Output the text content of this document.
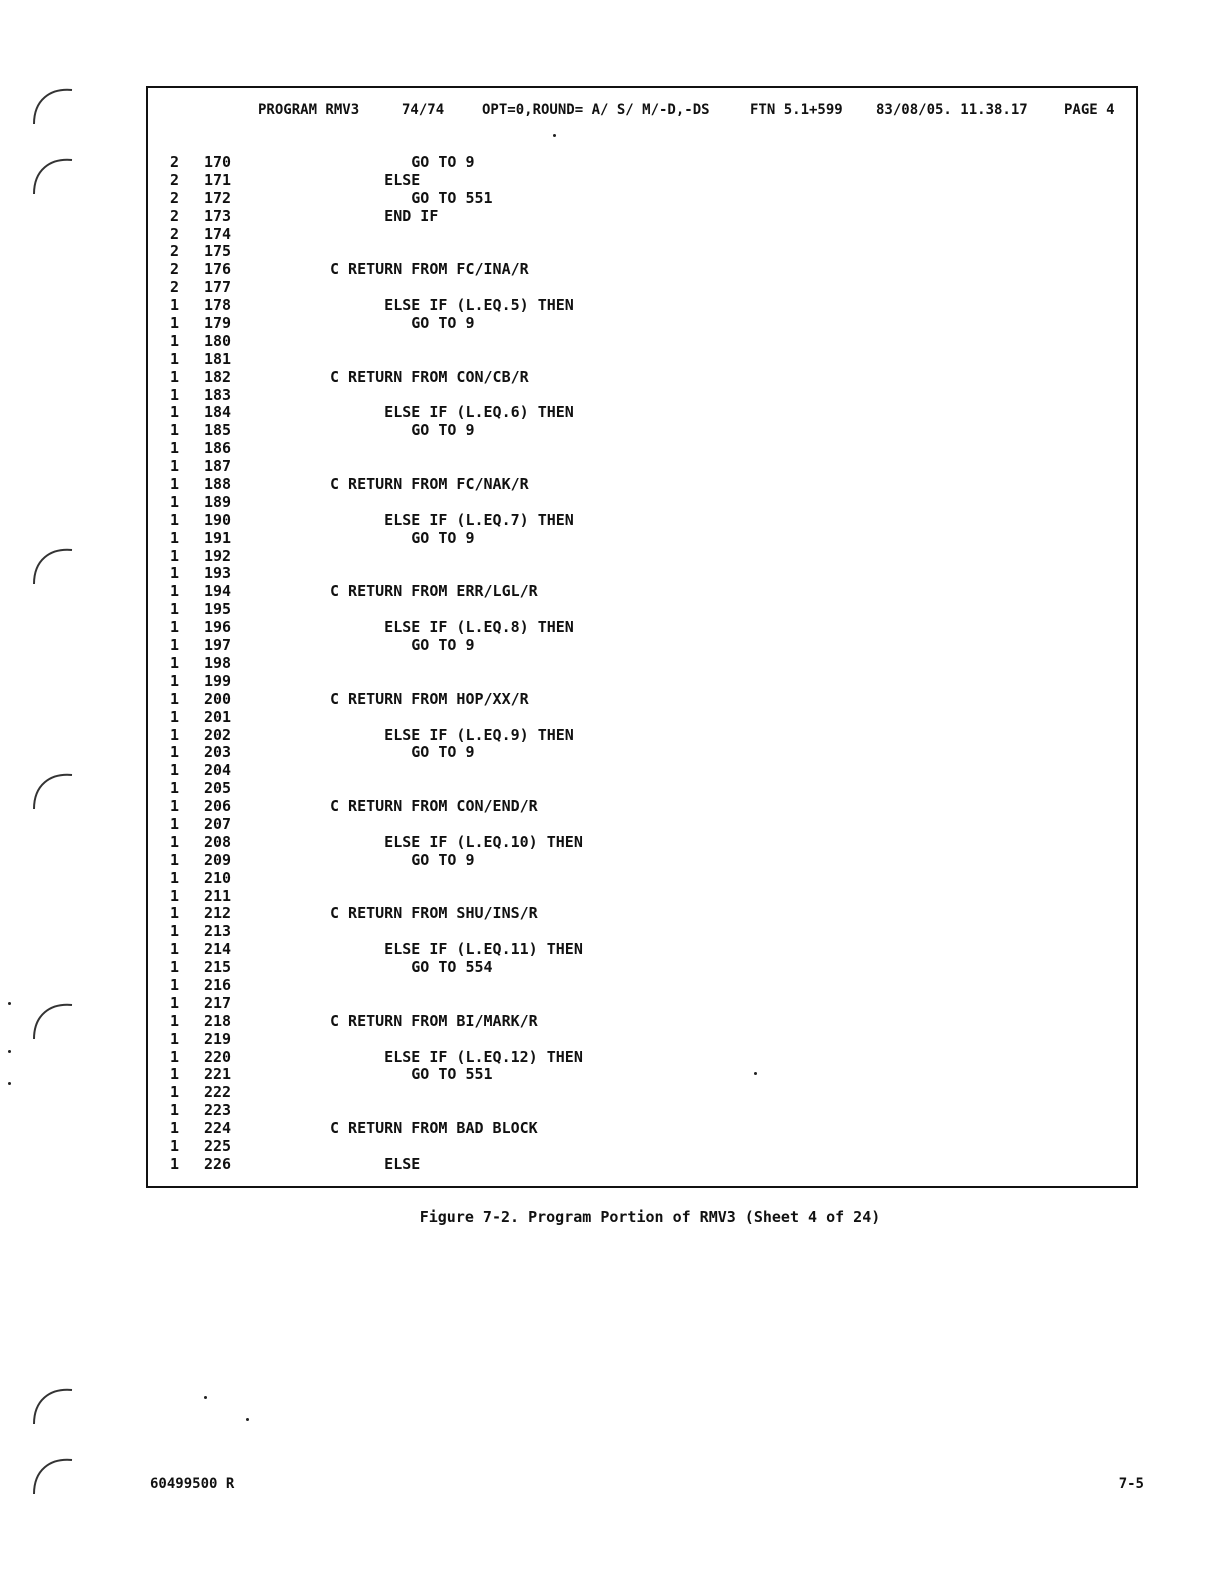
PROGRAM RMV3

	74/74

	OPT=0,ROUND= A/ S/ M/-D,-DS

	FTN 5.1+599

83/08/05. 11.38.17

	PAGE 4

2 170	GO TO 9
2 171	ELSE
2 172	GO TO 551
2 173	END IF
2 174
2 175
2 176	C RETURN FROM FC/INA/R
2 177
1 178	ELSE IF (L.EQ.5) THEN
1 179	GO TO 9
1 180
1 181
1 182	C RETURN FROM CON/CB/R
1 183
1 184	ELSE IF (L.EQ.6) THEN
1 185	GO TO 9
1 186
1 187
1 188	C RETURN FROM FC/NAK/R
1 189
1 190	ELSE IF (L.EQ.7) THEN
1 191	GO TO 9
1 192
1 193
1 194	C RETURN FROM ERR/LGL/R
1 195
1 196	ELSE IF (L.EQ.8) THEN
1 197	GO TO 9
1 198
1 199
1 200	C RETURN FROM HOP/XX/R
1 201
1 202	ELSE IF (L.EQ.9) THEN
1 203	GO TO 9
1 204
1 205
1 206	C RETURN FROM CON/END/R
1 207
1 208	ELSE IF (L.EQ.10) THEN
1 209	GO TO 9
1 210
1 211
1 212	C RETURN FROM SHU/INS/R
1 213
1 214	ELSE IF (L.EQ.11) THEN
1 215	GO TO 554
1 216
1 217
1 218	C RETURN FROM BI/MARK/R
1 219
1 220	ELSE IF (L.EQ.12) THEN
1 221	GO TO 551
1 222
1 223
1 224	C RETURN FROM BAD BLOCK
1 225
1 226	ELSE
Figure 7-2. Program Portion of RMV3 (Sheet 4 of 24)
60499500 R	7-5
